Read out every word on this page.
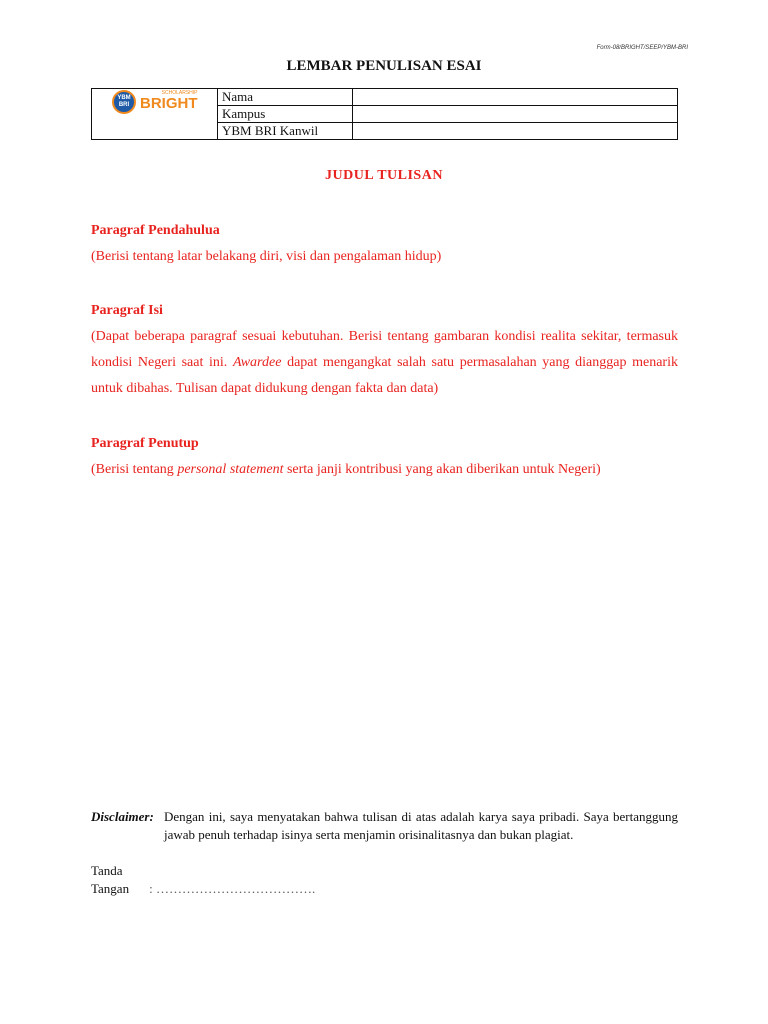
Form-08/BRIGHT/SEEP/YBM-BRI
LEMBAR PENULISAN ESAI
YBM BRI
SCHOLARSHIP
BRIGHT	Nama	
	Kampus	
	YBM BRI Kanwil	
JUDUL TULISAN
Paragraf Pendahulua

(Berisi tentang latar belakang diri, visi dan pengalaman hidup)

Paragraf Isi

(Dapat beberapa paragraf sesuai kebutuhan. Berisi tentang gambaran kondisi realita sekitar, termasuk kondisi Negeri saat ini. Awardee dapat mengangkat salah satu permasalahan yang dianggap menarik untuk dibahas. Tulisan dapat didukung dengan fakta dan data)

Paragraf Penutup

(Berisi tentang personal statement serta janji kontribusi yang akan diberikan untuk Negeri)

Disclaimer: Dengan ini, saya menyatakan bahwa tulisan di atas adalah karya saya pribadi. Saya bertanggung jawab penuh terhadap isinya serta menjamin orisinalitasnya dan bukan plagiat.

Tanda
Tangan : ……………………………….
